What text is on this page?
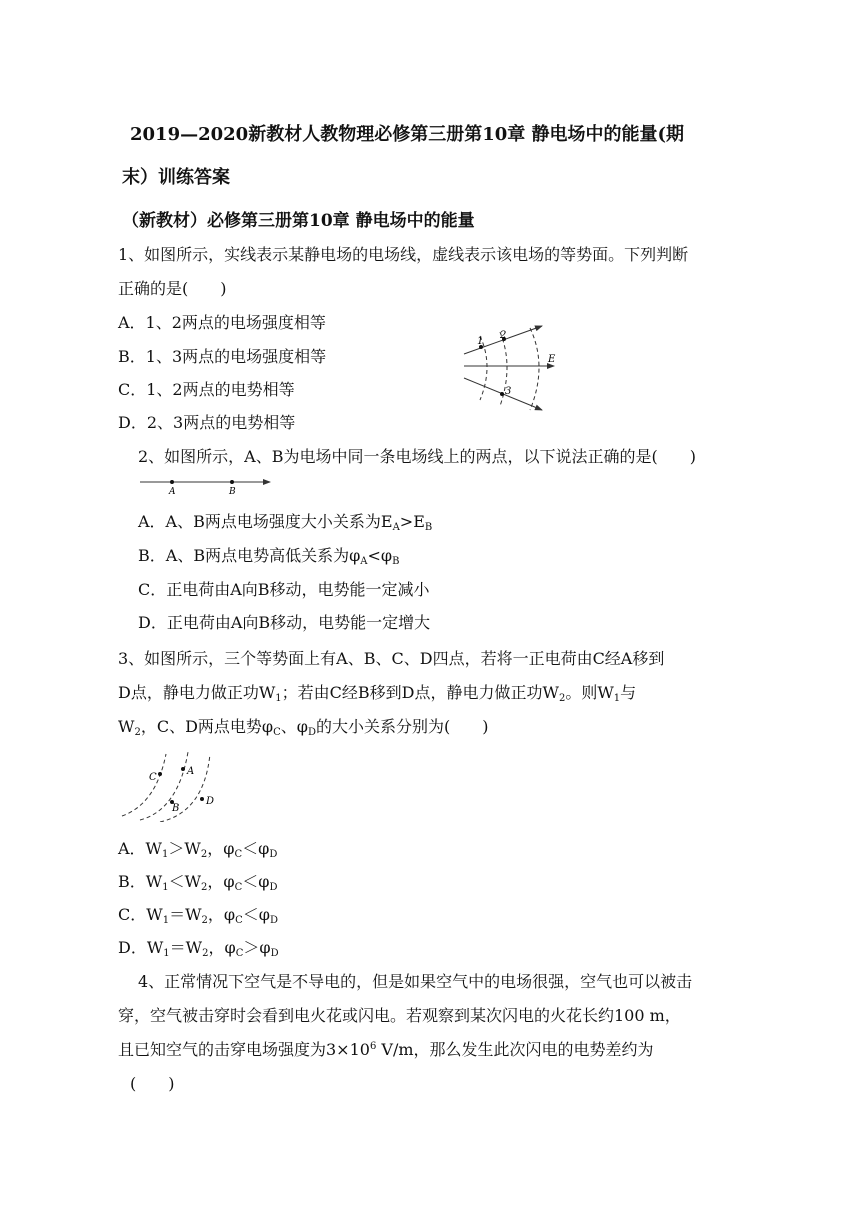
2019—2020新教材人教物理必修第三册第10章 静电场中的能量(期
末）训练答案
（新教材）必修第三册第10章 静电场中的能量
1、如图所示，实线表示某静电场的电场线，虚线表示该电场的等势面。下列判断
正确的是(　　)
A．1、2两点的电场强度相等
B．1、3两点的电场强度相等
C．1、2两点的电势相等
D．2、3两点的电势相等
1
2
3
E
2、如图所示，A、B为电场中同一条电场线上的两点，以下说法正确的是(　　)
A	B
A．A、B两点电场强度大小关系为$E_A>E_B$
B．A、B两点电势高低关系为$\varphi_A<\varphi_B$
C．正电荷由A向B移动，电势能一定减小
D．正电荷由A向B移动，电势能一定增大
3、如图所示，三个等势面上有A、B、C、D四点，若将一正电荷由C经A移到
D点，静电力做正功$W_1$；若由C经B移到D点，静电力做正功$W_2$。则$W_1$与
$W_2$，C、D两点电势$\varphi_C$、$\varphi_D$的大小关系分别为(　　)
C
A
B
D
A．$W_1>W_2$，$\varphi_C<\varphi_D$
B．$W_1<W_2$，$\varphi_C<\varphi_D$
C．$W_1=W_2$，$\varphi_C<\varphi_D$
D．$W_1=W_2$，$\varphi_C>\varphi_D$
4、正常情况下空气是不导电的，但是如果空气中的电场很强，空气也可以被击
穿，空气被击穿时会看到电火花或闪电。若观察到某次闪电的火花长约100 m，
且已知空气的击穿电场强度为$3\times 10^6$ V/m，那么发生此次闪电的电势差约为
(　　)
